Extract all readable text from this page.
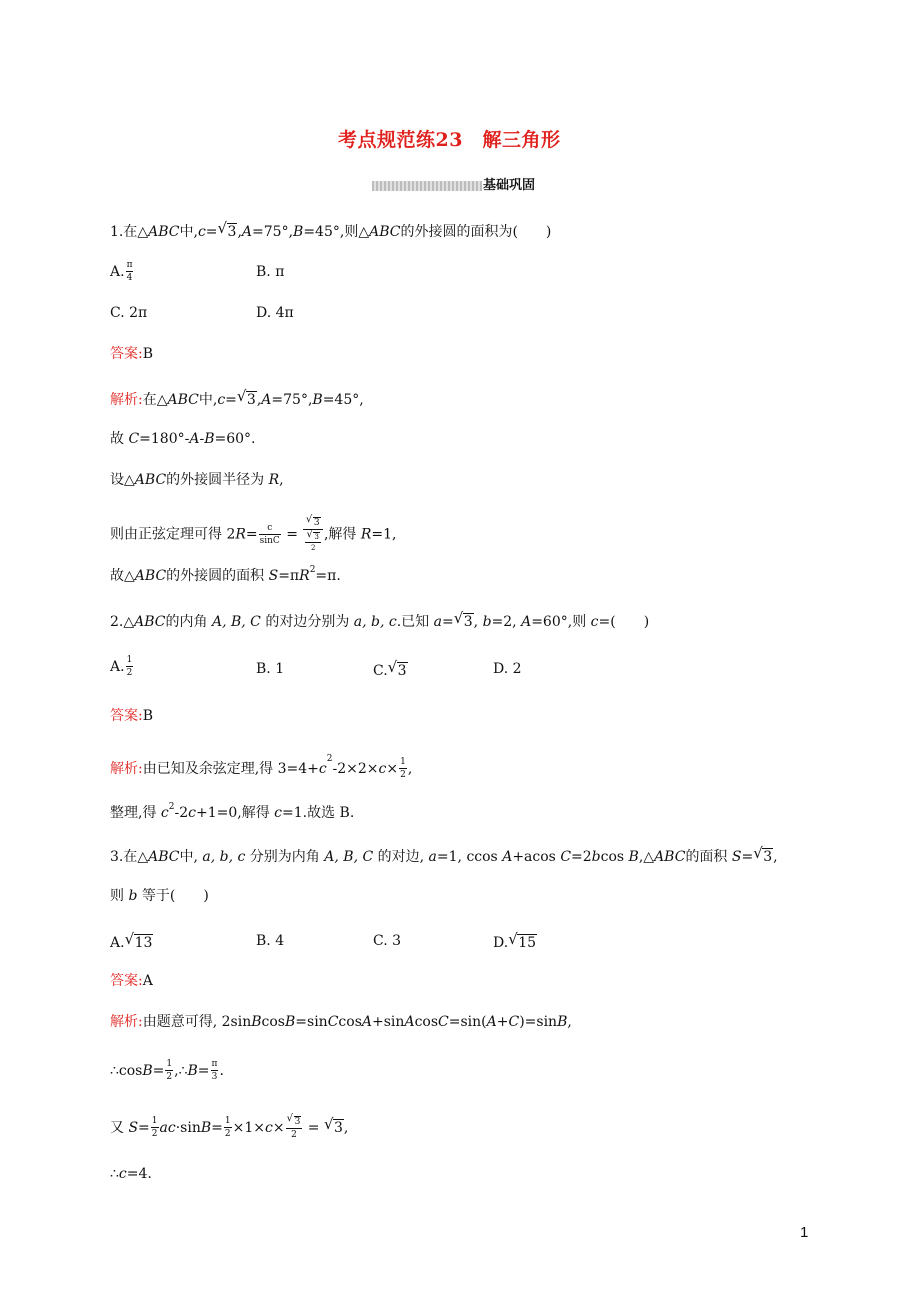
考点规范练23　解三角形
基础巩固
1.在△ABC中,c= √ 3,A=75°,B=45°,则△ABC的外接圆的面积为(　　)
A. $\frac{\pi}{4}$	B. π
C. 2π	D. 4π
答案:B
解析:在△ABC中,c= √ 3,A=75°,B=45°,
故 C=180°-A-B=60°.
设△ABC的外接圆半径为 R,
则由正弦定理可得 $2R= \frac{c}{\sin C}$ = √ 3
√ $\frac{3}{2}$ ,解得 R=1,
故△ABC的外接圆的面积 $S=\pi R^2=\pi$.
2.△ABC的内角 A, B, C 的对边分别为 a, b, c.已知 a= √ 3, b=2, A=60°,则 c=(　　)
A. $\frac{1}{2}$	B. 1	C. √ 3	D. 2
答案:B
解析:由已知及余弦定理,得 $3=4+c^2-2\times 2\times c\times \frac{1}{2}$ ,
整理,得 $c^2-2c+1=0$,解得 c=1.故选 B.
3.在△ABC中, a, b, c 分别为内角 A, B, C 的对边, a=1, ccos A+acos C=2bcos B,△ABC的面积 S= √ 3,
则 b 等于(　　)
A. √ 13	B. 4	C. 3	D. √ 15
答案:A
解析:由题意可得, 2sinBcosB=sinCcosA+sinAcosC=sin(A+C)=sinB,
∴cosB= $\frac{1}{2}$ ,∴B= $\frac{\pi}{3}$ .
又 $S= \frac{1}{2} ac\cdot\sin B= \frac{1}{2} \times 1\times c\times$ √ $\frac{3}{2}$ = √ 3,
∴c=4.
1
